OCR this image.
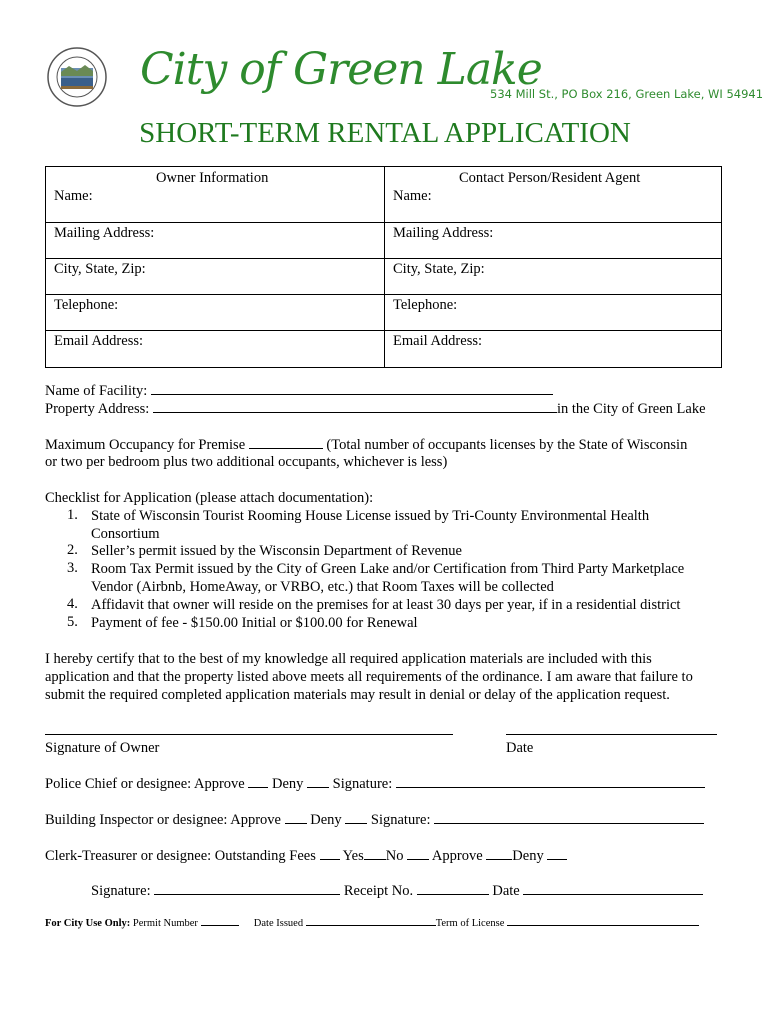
City of Green Lake
534 Mill St., PO Box 216, Green Lake, WI 54941
SHORT-TERM RENTAL APPLICATION
Owner Information	Contact Person/Resident Agent
Name:	Name:
Mailing Address:	Mailing Address:
City, State, Zip:	City, State, Zip:
Telephone:	Telephone:
Email Address:	Email Address:
Name of Facility:
Property Address:	in the City of Green Lake
Maximum Occupancy for Premise	(Total number of occupants licenses by the State of Wisconsin
or two per bedroom plus two additional occupants, whichever is less)
Checklist for Application (please attach documentation):
1. State of Wisconsin Tourist Rooming House License issued by Tri-County Environmental Health
Consortium
2. Seller’s permit issued by the Wisconsin Department of Revenue
3. Room Tax Permit issued by the City of Green Lake and/or Certification from Third Party Marketplace
Vendor (Airbnb, HomeAway, or VRBO, etc.) that Room Taxes will be collected
4. Affidavit that owner will reside on the premises for at least 30 days per year, if in a residential district
5. Payment of fee - $150.00 Initial or $100.00 for Renewal
I hereby certify that to the best of my knowledge all required application materials are included with this
application and that the property listed above meets all requirements of the ordinance. I am aware that failure to
submit the required completed application materials may result in denial or delay of the application request.
Signature of Owner	Date
Police Chief or designee: Approve Deny Signature:
Building Inspector or designee: Approve Deny Signature:
Clerk-Treasurer or designee: Outstanding Fees Yes No Approve Deny
Signature:	Receipt No.	Date
For City Use Only: Permit Number	Date Issued	Term of License
